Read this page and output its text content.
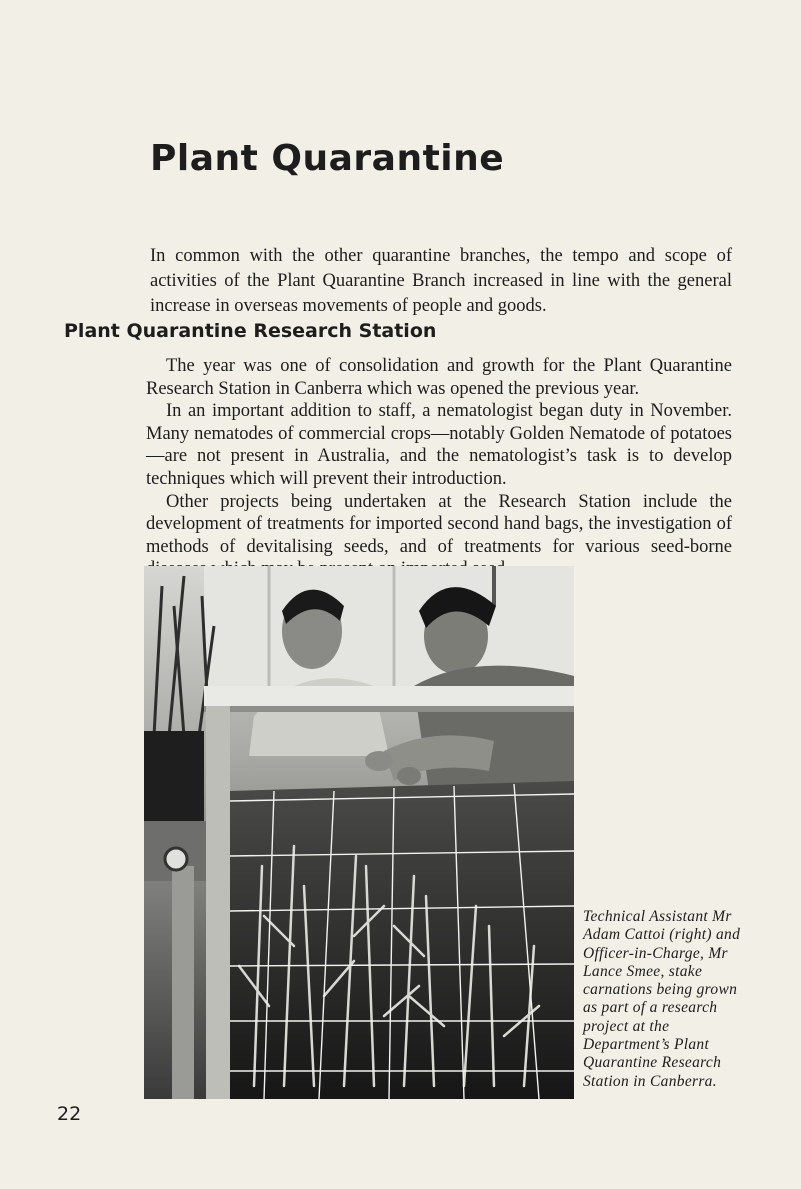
Plant Quarantine

In common with the other quarantine branches, the tempo and scope of activities of the Plant Quarantine Branch increased in line with the general increase in overseas movements of people and goods.

Plant Quarantine Research Station

The year was one of consolidation and growth for the Plant Quarantine Research Station in Canberra which was opened the previous year.

In an important addition to staff, a nematologist began duty in November. Many nematodes of commercial crops—notably Golden Nematode of potatoes—are not present in Australia, and the nematologist’s task is to develop techniques which will prevent their introduction.

Other projects being undertaken at the Research Station include the development of treatments for imported second hand bags, the investigation of methods of devitalising seeds, and of treatments for various seed-borne

Technical Assistant Mr Adam Cattoi (right) and Officer-in-Charge, Mr Lance Smee, stake carnations being grown as part of a research project at the Department’s Plant Quarantine Research Station in Canberra.

22
